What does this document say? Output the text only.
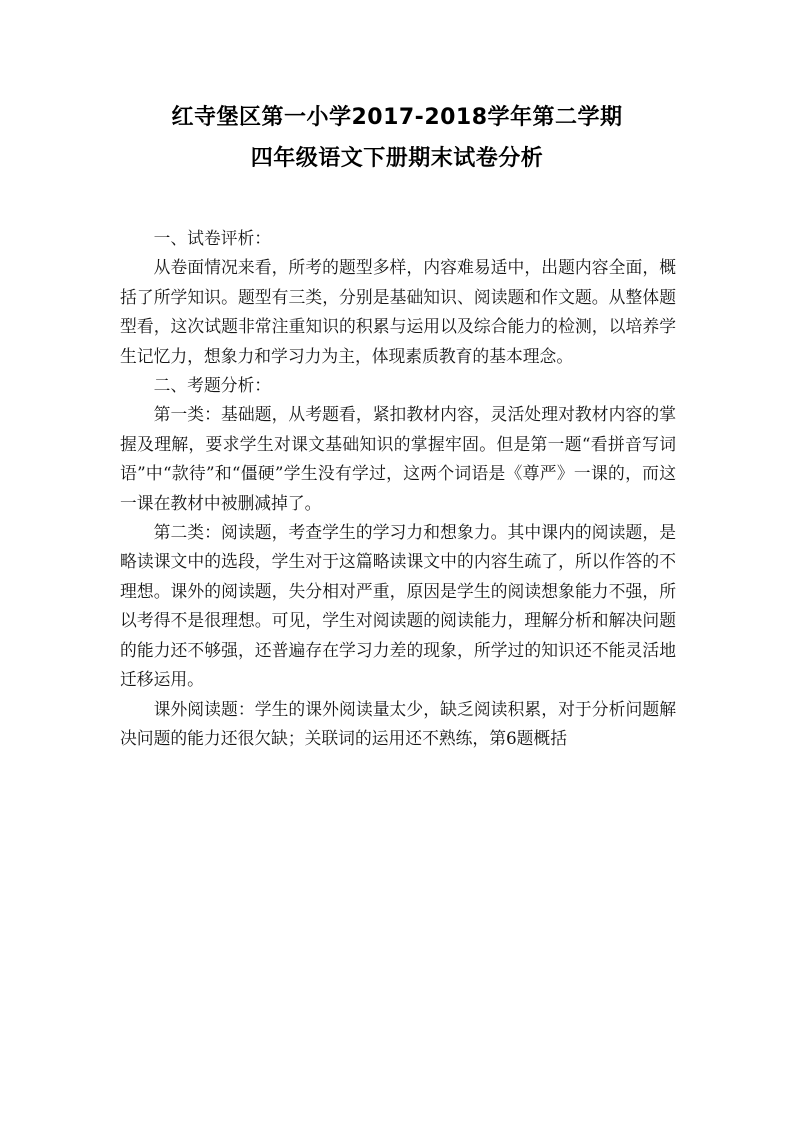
红寺堡区第一小学2017-2018学年第二学期
四年级语文下册期末试卷分析

一、试卷评析：

从卷面情况来看，所考的题型多样，内容难易适中，出题内容全面，概括了所学知识。题型有三类，分别是基础知识、阅读题和作文题。从整体题型看，这次试题非常注重知识的积累与运用以及综合能力的检测，以培养学生记忆力，想象力和学习力为主，体现素质教育的基本理念。

二、考题分析：

第一类：基础题，从考题看，紧扣教材内容，灵活处理对教材内容的掌握及理解，要求学生对课文基础知识的掌握牢固。但是第一题“看拼音写词语”中“款待”和“僵硬”学生没有学过，这两个词语是《尊严》一课的，而这一课在教材中被删减掉了。

第二类：阅读题，考查学生的学习力和想象力。其中课内的阅读题，是略读课文中的选段，学生对于这篇略读课文中的内容生疏了，所以作答的不理想。课外的阅读题，失分相对严重，原因是学生的阅读想象能力不强，所以考得不是很理想。可见，学生对阅读题的阅读能力，理解分析和解决问题的能力还不够强，还普遍存在学习力差的现象，所学过的知识还不能灵活地迁移运用。

课外阅读题：学生的课外阅读量太少，缺乏阅读积累，对于分析问题解决问题的能力还很欠缺；关联词的运用还不熟练，第6题概括
